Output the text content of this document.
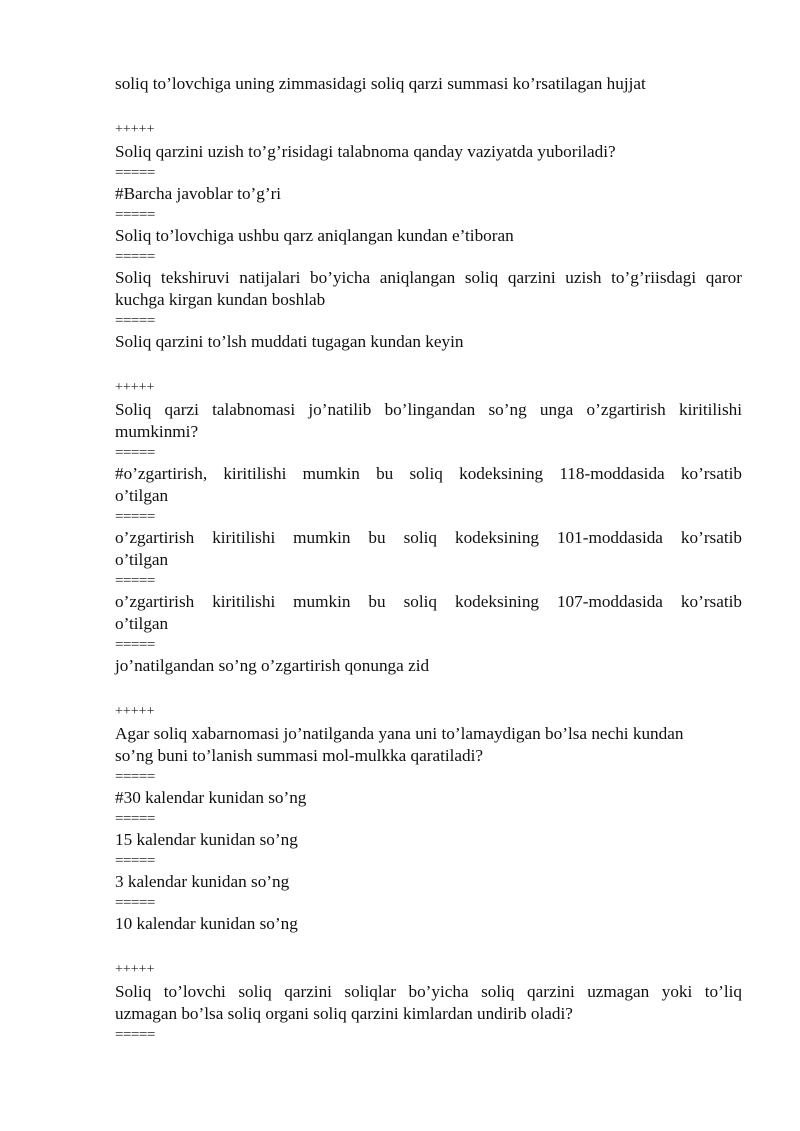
soliq to’lovchiga uning zimmasidagi soliq qarzi summasi ko’rsatilagan hujjat

+++++

Soliq qarzini uzish to’g’risidagi talabnoma qanday vaziyatda yuboriladi?

=====

#Barcha javoblar to’g’ri

=====

Soliq to’lovchiga ushbu qarz aniqlangan kundan e’tiboran

=====

Soliq tekshiruvi natijalari bo’yicha aniqlangan soliq qarzini uzish to’g’riisdagi qaror

kuchga kirgan kundan boshlab

=====

Soliq qarzini to’lsh muddati tugagan kundan keyin

+++++

Soliq qarzi talabnomasi jo’natilib bo’lingandan so’ng unga o’zgartirish kiritilishi

mumkinmi?

=====

#o’zgartirish, kiritilishi mumkin bu soliq kodeksining 118-moddasida ko’rsatib

o’tilgan

=====

o’zgartirish kiritilishi mumkin bu soliq kodeksining 101-moddasida ko’rsatib

o’tilgan

=====

o’zgartirish kiritilishi mumkin bu soliq kodeksining 107-moddasida ko’rsatib

o’tilgan

=====

jo’natilgandan so’ng o’zgartirish qonunga zid

+++++

Agar soliq xabarnomasi jo’natilganda yana uni to’lamaydigan bo’lsa nechi kundan

so’ng buni to’lanish summasi mol-mulkka qaratiladi?

=====

#30 kalendar kunidan so’ng

=====

15 kalendar kunidan so’ng

=====

3 kalendar kunidan so’ng

=====

10 kalendar kunidan so’ng

+++++

Soliq to’lovchi soliq qarzini soliqlar bo’yicha soliq qarzini uzmagan yoki to’liq

uzmagan bo’lsa soliq organi soliq qarzini kimlardan undirib oladi?

=====
